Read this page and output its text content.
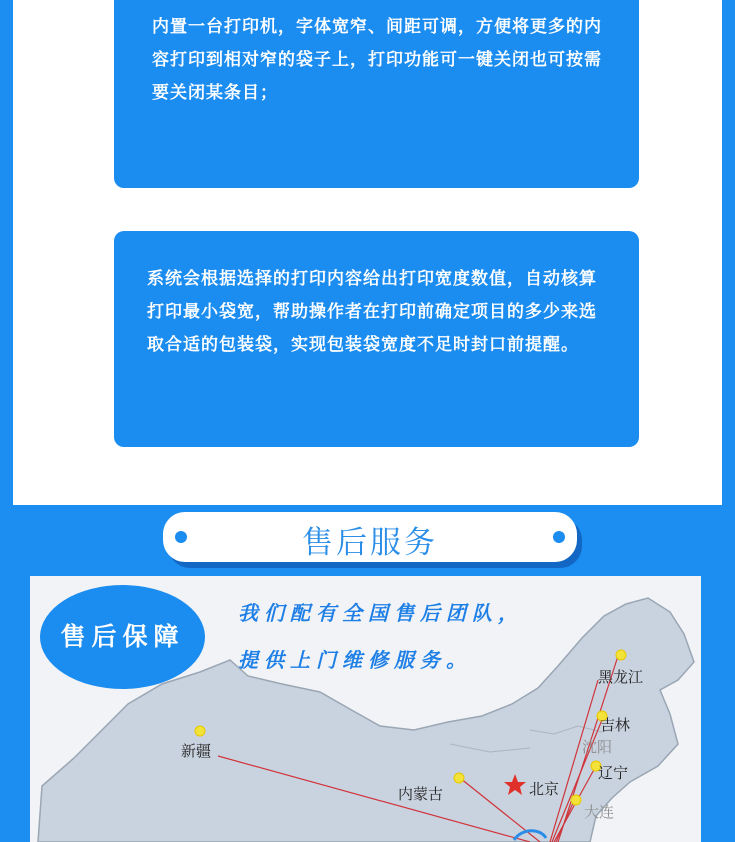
内置一台打印机，字体宽窄、间距可调，方便将更多的内容打印到相对窄的袋子上，打印功能可一键关闭也可按需要关闭某条目；
系统会根据选择的打印内容给出打印宽度数值，自动核算打印最小袋宽，帮助操作者在打印前确定项目的多少来选取合适的包装袋，实现包装袋宽度不足时封口前提醒。
售后服务
售后保障
我们配有全国售后团队，
提供上门维修服务。
黑龙江
吉林
沈阳
辽宁
北京
大连
新疆
内蒙古
